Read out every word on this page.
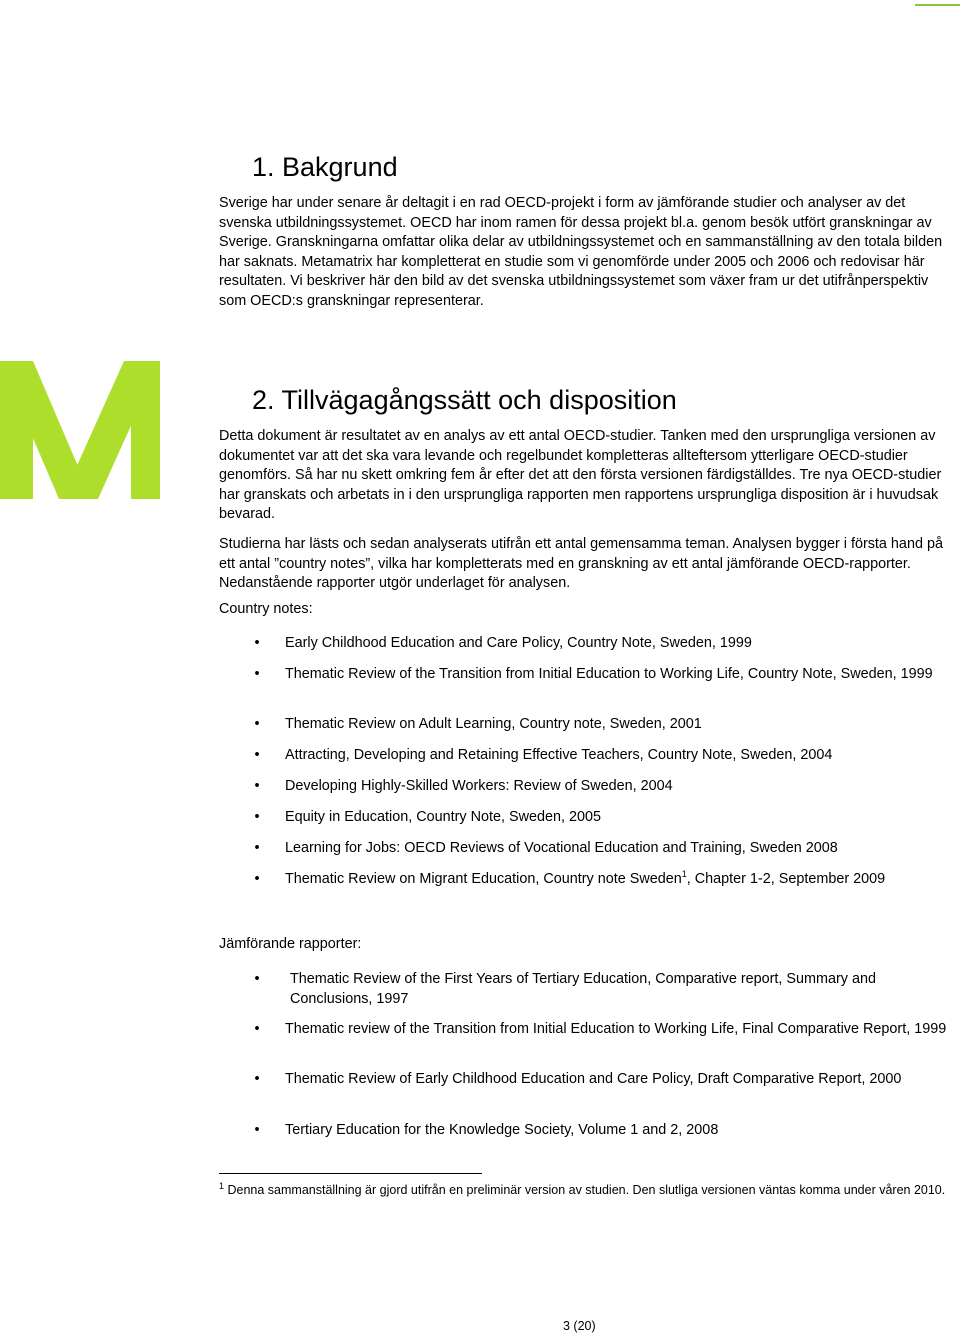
1. Bakgrund

Sverige har under senare år deltagit i en rad OECD-projekt i form av jämförande studier och analyser av det svenska utbildningssystemet. OECD har inom ramen för dessa projekt bl.a. genom besök utfört granskningar av Sverige. Granskningarna omfattar olika delar av utbildningssystemet och en sammanställning av den totala bilden har saknats. Metamatrix har kompletterat en studie som vi genomförde under 2005 och 2006 och redovisar här resultaten. Vi beskriver här den bild av det svenska utbildningssystemet som växer fram ur det utifrånperspektiv som OECD:s granskningar representerar.

2. Tillvägagångssätt och disposition

Detta dokument är resultatet av en analys av ett antal OECD-studier. Tanken med den ursprungliga versionen av dokumentet var att det ska vara levande och regelbundet kompletteras allteftersom ytterligare OECD-studier genomförs. Så har nu skett omkring fem år efter det att den första versionen färdigställdes. Tre nya OECD-studier har granskats och arbetats in i den ursprungliga rapporten men rapportens ursprungliga disposition är i huvudsak bevarad.

Studierna har lästs och sedan analyserats utifrån ett antal gemensamma teman. Analysen bygger i första hand på ett antal ”country notes”, vilka har kompletterats med en granskning av ett antal jämförande OECD-rapporter. Nedanstående rapporter utgör underlaget för analysen.

Country notes:

• Early Childhood Education and Care Policy, Country Note, Sweden, 1999
• Thematic Review of the Transition from Initial Education to Working Life, Country Note, Sweden, 1999
• Thematic Review on Adult Learning, Country note, Sweden, 2001
• Attracting, Developing and Retaining Effective Teachers, Country Note, Sweden, 2004
• Developing Highly-Skilled Workers: Review of Sweden, 2004
• Equity in Education, Country Note, Sweden, 2005
• Learning for Jobs: OECD Reviews of Vocational Education and Training, Sweden 2008
• Thematic Review on Migrant Education, Country note Sweden$^1$, Chapter 1-2, September 2009

Jämförande rapporter:

• Thematic Review of the First Years of Tertiary Education, Comparative report, Summary and Conclusions, 1997
• Thematic review of the Transition from Initial Education to Working Life, Final Comparative Report, 1999
• Thematic Review of Early Childhood Education and Care Policy, Draft Comparative Report, 2000
• Tertiary Education for the Knowledge Society, Volume 1 and 2, 2008

$^1$ Denna sammanställning är gjord utifrån en preliminär version av studien. Den slutliga versionen väntas komma under våren 2010.

3 (20)
